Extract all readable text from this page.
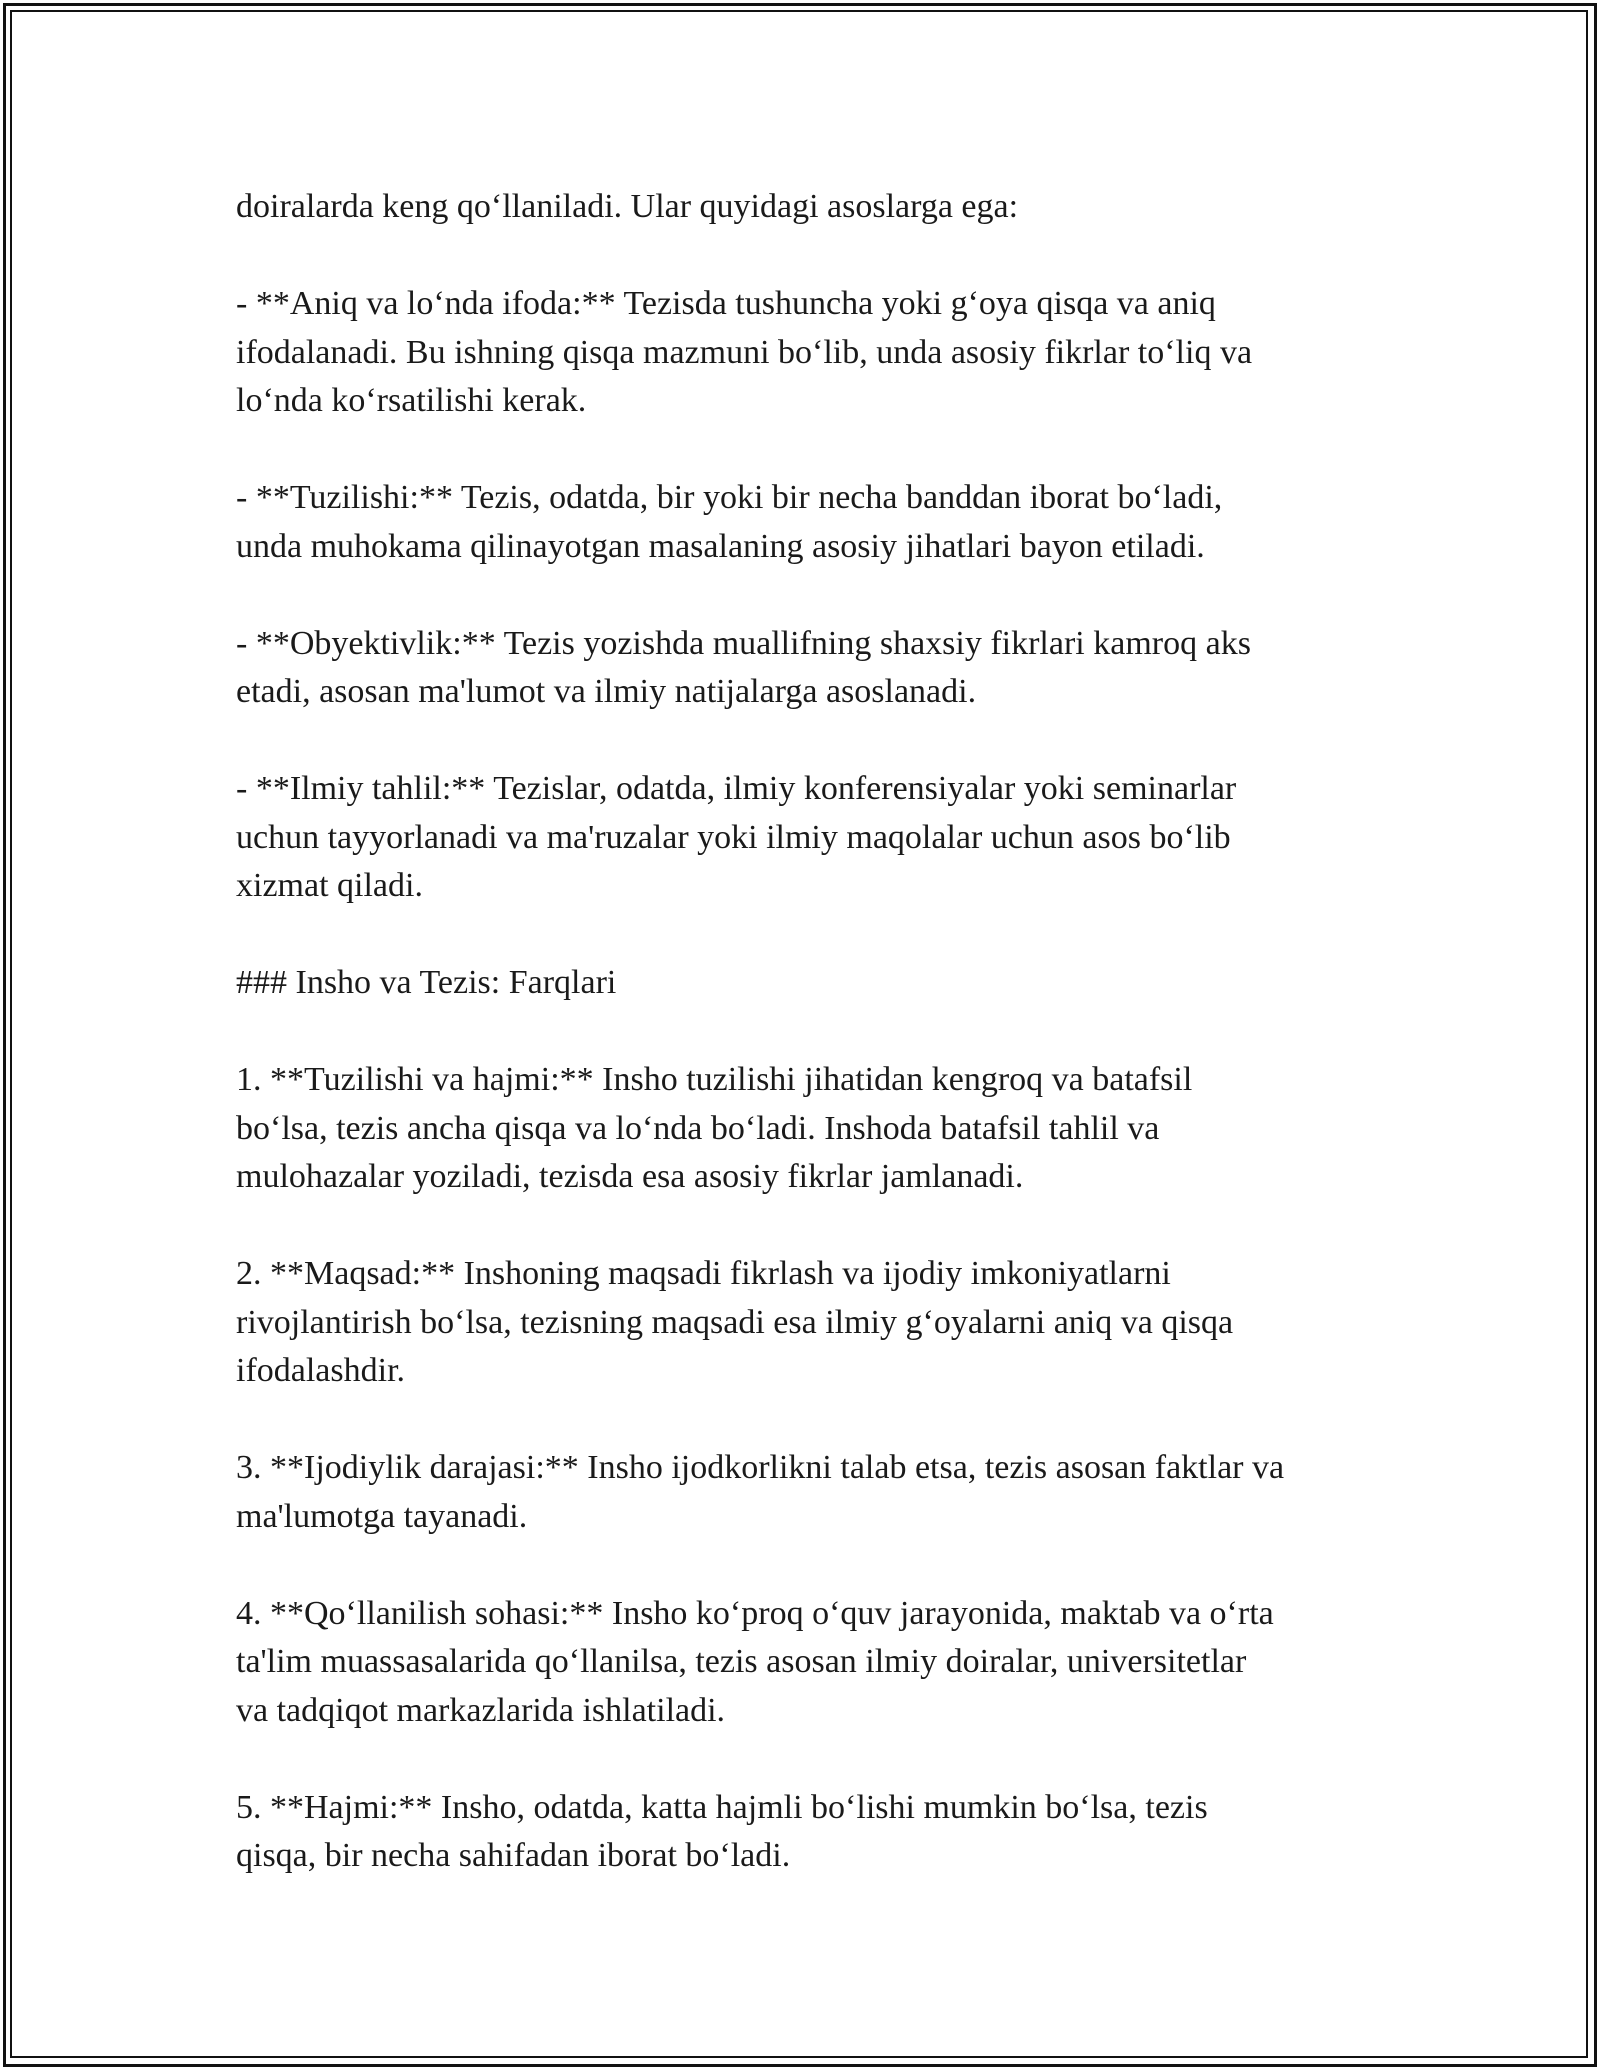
doiralarda keng qo‘llaniladi. Ular quyidagi asoslarga ega:

- **Aniq va lo‘nda ifoda:** Tezisda tushuncha yoki g‘oya qisqa va aniq
ifodalanadi. Bu ishning qisqa mazmuni bo‘lib, unda asosiy fikrlar to‘liq va
lo‘nda ko‘rsatilishi kerak.

- **Tuzilishi:** Tezis, odatda, bir yoki bir necha banddan iborat bo‘ladi,
unda muhokama qilinayotgan masalaning asosiy jihatlari bayon etiladi.

- **Obyektivlik:** Tezis yozishda muallifning shaxsiy fikrlari kamroq aks
etadi, asosan ma'lumot va ilmiy natijalarga asoslanadi.

- **Ilmiy tahlil:** Tezislar, odatda, ilmiy konferensiyalar yoki seminarlar
uchun tayyorlanadi va ma'ruzalar yoki ilmiy maqolalar uchun asos bo‘lib
xizmat qiladi.

### Insho va Tezis: Farqlari

1. **Tuzilishi va hajmi:** Insho tuzilishi jihatidan kengroq va batafsil
bo‘lsa, tezis ancha qisqa va lo‘nda bo‘ladi. Inshoda batafsil tahlil va
mulohazalar yoziladi, tezisda esa asosiy fikrlar jamlanadi.

2. **Maqsad:** Inshoning maqsadi fikrlash va ijodiy imkoniyatlarni
rivojlantirish bo‘lsa, tezisning maqsadi esa ilmiy g‘oyalarni aniq va qisqa
ifodalashdir.

3. **Ijodiylik darajasi:** Insho ijodkorlikni talab etsa, tezis asosan faktlar va
ma'lumotga tayanadi.

4. **Qo‘llanilish sohasi:** Insho ko‘proq o‘quv jarayonida, maktab va o‘rta
ta'lim muassasalarida qo‘llanilsa, tezis asosan ilmiy doiralar, universitetlar
va tadqiqot markazlarida ishlatiladi.

5. **Hajmi:** Insho, odatda, katta hajmli bo‘lishi mumkin bo‘lsa, tezis
qisqa, bir necha sahifadan iborat bo‘ladi.
